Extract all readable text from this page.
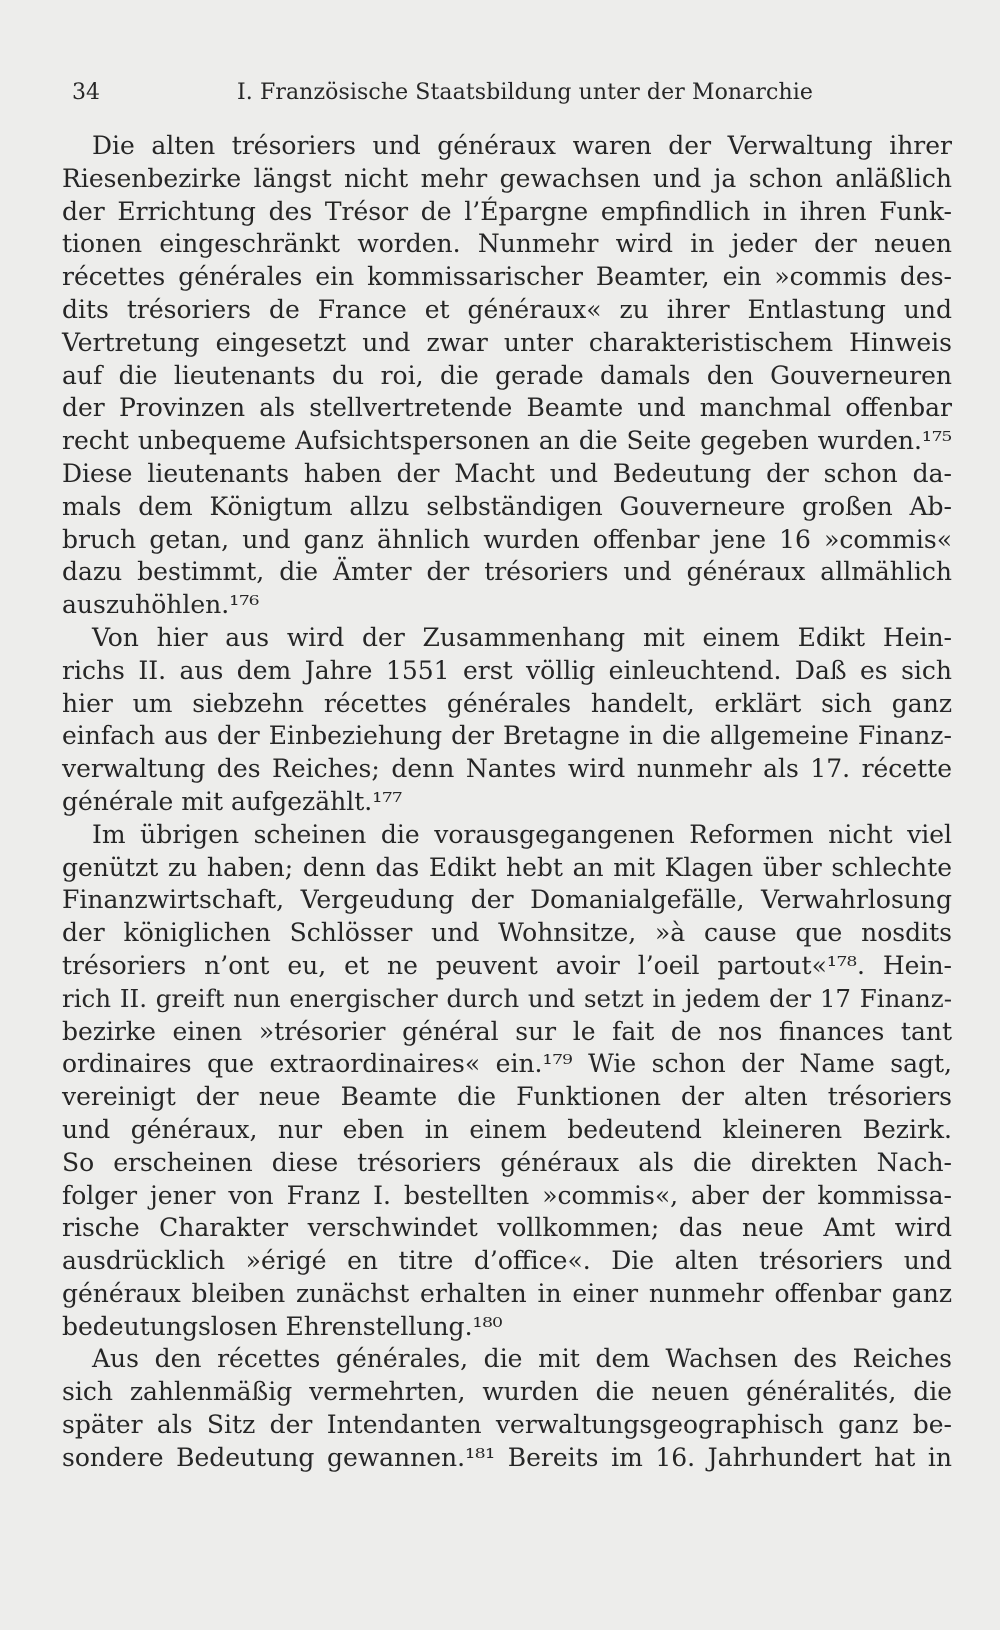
34	I. Französische Staatsbildung unter der Monarchie
Die alten trésoriers und généraux waren der Verwaltung ihrer
Riesenbezirke längst nicht mehr gewachsen und ja schon anläßlich
der Errichtung des Trésor de l’Épargne empfindlich in ihren Funk-
tionen eingeschränkt worden. Nunmehr wird in jeder der neuen
récettes générales ein kommissarischer Beamter, ein »commis des-
dits trésoriers de France et généraux« zu ihrer Entlastung und
Vertretung eingesetzt und zwar unter charakteristischem Hinweis
auf die lieutenants du roi, die gerade damals den Gouverneuren
der Provinzen als stellvertretende Beamte und manchmal offenbar
recht unbequeme Aufsichtspersonen an die Seite gegeben wurden.¹⁷⁵
Diese lieutenants haben der Macht und Bedeutung der schon da-
mals dem Königtum allzu selbständigen Gouverneure großen Ab-
bruch getan, und ganz ähnlich wurden offenbar jene 16 »commis«
dazu bestimmt, die Ämter der trésoriers und généraux allmählich
auszuhöhlen.¹⁷⁶
Von hier aus wird der Zusammenhang mit einem Edikt Hein-
richs II. aus dem Jahre 1551 erst völlig einleuchtend. Daß es sich
hier um siebzehn récettes générales handelt, erklärt sich ganz
einfach aus der Einbeziehung der Bretagne in die allgemeine Finanz-
verwaltung des Reiches; denn Nantes wird nunmehr als 17. récette
générale mit aufgezählt.¹⁷⁷
Im übrigen scheinen die vorausgegangenen Reformen nicht viel
genützt zu haben; denn das Edikt hebt an mit Klagen über schlechte
Finanzwirtschaft, Vergeudung der Domanialgefälle, Verwahrlosung
der königlichen Schlösser und Wohnsitze, »à cause que nosdits
trésoriers n’ont eu, et ne peuvent avoir l’oeil partout«¹⁷⁸. Hein-
rich II. greift nun energischer durch und setzt in jedem der 17 Finanz-
bezirke einen »trésorier général sur le fait de nos finances tant
ordinaires que extraordinaires« ein.¹⁷⁹ Wie schon der Name sagt,
vereinigt der neue Beamte die Funktionen der alten trésoriers
und généraux, nur eben in einem bedeutend kleineren Bezirk.
So erscheinen diese trésoriers généraux als die direkten Nach-
folger jener von Franz I. bestellten »commis«, aber der kommissa-
rische Charakter verschwindet vollkommen; das neue Amt wird
ausdrücklich »érigé en titre d’office«. Die alten trésoriers und
généraux bleiben zunächst erhalten in einer nunmehr offenbar ganz
bedeutungslosen Ehrenstellung.¹⁸⁰
Aus den récettes générales, die mit dem Wachsen des Reiches
sich zahlenmäßig vermehrten, wurden die neuen généralités, die
später als Sitz der Intendanten verwaltungsgeographisch ganz be-
sondere Bedeutung gewannen.¹⁸¹ Bereits im 16. Jahrhundert hat in
